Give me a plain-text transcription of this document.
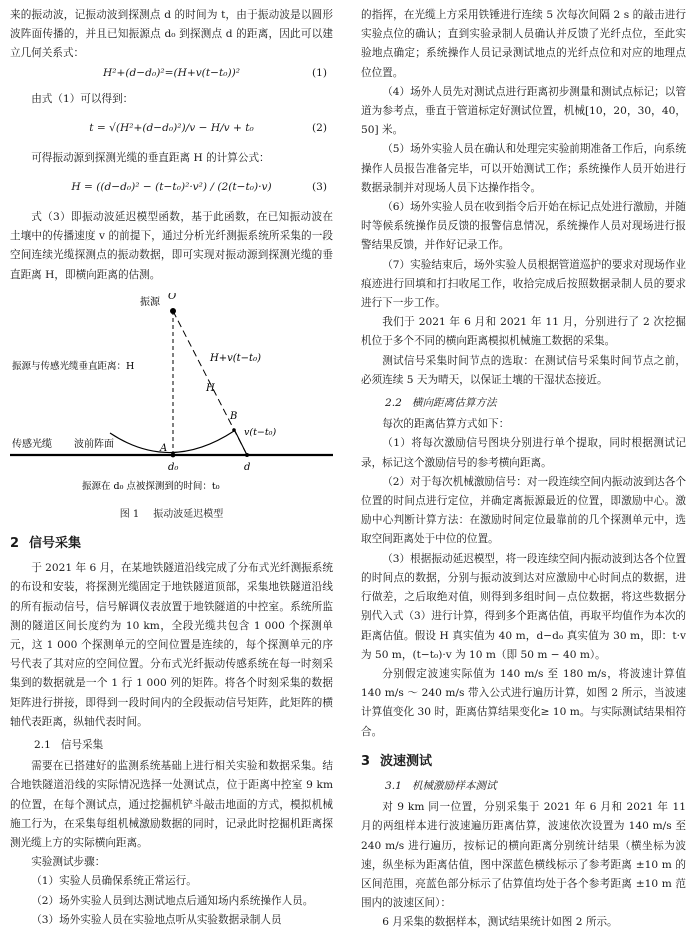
来的振动波，记振动波到探测点 d 的时间为 t，由于振动波是以圆形波阵面传播的，并且已知振源点 d₀ 到探测点 d 的距离，因此可以建立几何关系式：

H²+(d−d₀)²=(H+v(t−t₀))²	(1)

由式（1）可以得到：

t = √(H²+(d−d₀)²)/v − H/v + t₀	(2)

可得振动源到探测光缆的垂直距离 H 的计算公式：

H = ((d−d₀)² − (t−t₀)²·v²) / (2(t−t₀)·v)	(3)

式（3）即振动波延迟模型函数，基于此函数，在已知振动波在土壤中的传播速度 v 的前提下，通过分析光纤测振系统所采集的一段空间连续光缆探测点的振动数据，即可实现对振动源到探测光缆的垂直距离 H，即横向距离的估测。

振源
O
振源与传感光缆垂直距离：H
H+v(t−t₀)
H
B
v(t−t₀)
传感光缆 波前阵面	A
d₀	d
振源在 d₀ 点被探测到的时间：t₀
图 1 振动波延迟模型
2 信号采集

于 2021 年 6 月，在某地铁隧道沿线完成了分布式光纤测振系统的布设和安装，将探测光缆固定于地铁隧道顶部，采集地铁隧道沿线的所有振动信号，信号解调仪表放置于地铁隧道的中控室。系统所监测的隧道区间长度约为 10 km，全段光缆共包含 1 000 个探测单元，这 1 000 个探测单元的空间位置是连续的，每个探测单元的序号代表了其对应的空间位置。分布式光纤振动传感系统在每一时刻采集到的数据就是一个 1 行 1 000 列的矩阵。将各个时刻采集的数据矩阵进行拼接，即得到一段时间内的全段振动信号矩阵，此矩阵的横轴代表距离，纵轴代表时间。

2.1 信号采集

需要在已搭建好的监测系统基础上进行相关实验和数据采集。结合地铁隧道沿线的实际情况选择一处测试点，位于距离中控室 9 km 的位置，在每个测试点，通过挖掘机铲斗敲击地面的方式，模拟机械施工行为，在采集每组机械激励数据的同时，记录此时挖掘机距离探测光缆上方的实际横向距离。

实验测试步骤：

（1）实验人员确保系统正常运行。

（2）场外实验人员到达测试地点后通知场内系统操作人员。

（3）场外实验人员在实验地点听从实验数据录制人员

的指挥，在光缆上方采用铁锤进行连续 5 次每次间隔 2 s 的敲击进行实验点位的确认；直到实验录制人员确认并反馈了光纤点位，至此实验地点确定；系统操作人员记录测试地点的光纤点位和对应的地理点位位置。

（4）场外人员先对测试点进行距离初步测量和测试点标记；以管道为参考点，垂直于管道标定好测试位置，机械[10，20，30，40，50] 米。

（5）场外实验人员在确认和处理完实验前期准备工作后，向系统操作人员报告准备完毕，可以开始测试工作；系统操作人员开始进行数据录制并对现场人员下达操作指令。

（6）场外实验人员在收到指令后开始在标记点处进行激励，并随时等候系统操作员反馈的报警信息情况，系统操作人员对现场进行报警结果反馈，并作好记录工作。

（7）实验结束后，场外实验人员根据管道巡护的要求对现场作业痕迹进行回填和打扫收尾工作，收拾完成后按照数据录制人员的要求进行下一步工作。

我们于 2021 年 6 月和 2021 年 11 月，分别进行了 2 次挖掘机位于多个不同的横向距离模拟机械施工数据的采集。

测试信号采集时间节点的选取：在测试信号采集时间节点之前，必须连续 5 天为晴天，以保证土壤的干湿状态接近。

2.2 横向距离估算方法

每次的距离估算方式如下：

（1）将每次激励信号图块分别进行单个提取，同时根据测试记录，标记这个激励信号的参考横向距离。

（2）对于每次机械激励信号：对一段连续空间内振动波到达各个位置的时间点进行定位，并确定离振源最近的位置，即激励中心。激励中心判断计算方法：在激励时间定位最靠前的几个探测单元中，选取空间距离处于中位的位置。

（3）根据振动延迟模型，将一段连续空间内振动波到达各个位置的时间点的数据，分别与振动波到达对应激励中心时间点的数据，进行做差，之后取绝对值，则得到多组时间－点位数据，将这些数据分别代入式（3）进行计算，得到多个距离估值，再取平均值作为本次的距离估值。假设 H 真实值为 40 m，d−d₀ 真实值为 30 m，即：t·v 为 50 m，(t−t₀)·v 为 10 m（即 50 m − 40 m）。

分别假定波速实际值为 140 m/s 至 180 m/s，将波速计算值 140 m/s ～ 240 m/s 带入公式进行遍历计算，如图 2 所示，当波速计算值变化 30 时，距离估算结果变化≥ 10 m。与实际测试结果相符合。

3 波速测试
3.1 机械激励样本测试

对 9 km 同一位置，分别采集于 2021 年 6 月和 2021 年 11 月的两组样本进行波速遍历距离估算，波速依次设置为 140 m/s 至 240 m/s 进行遍历，按标记的横向距离分别统计结果（横坐标为波速，纵坐标为距离估值，图中深蓝色横线标示了参考距离 ±10 m 的区间范围，亮蓝色部分标示了估算值均处于各个参考距离 ±10 m 范围内的波速区间）：

6 月采集的数据样本，测试结果统计如图 2 所示。
